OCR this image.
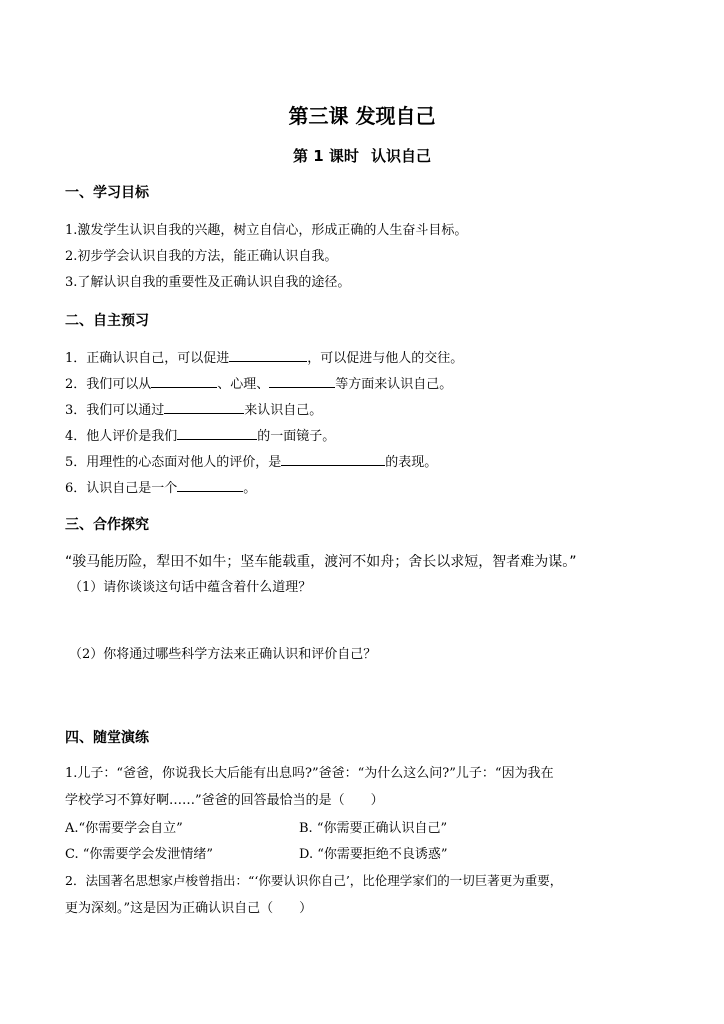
第三课 发现自己
第 1 课时 认识自己
一、学习目标
1.激发学生认识自我的兴趣，树立自信心，形成正确的人生奋斗目标。
2.初步学会认识自我的方法，能正确认识自我。
3.了解认识自我的重要性及正确认识自我的途径。
二、自主预习
1．正确认识自己，可以促进	，可以促进与他人的交往。
2．我们可以从	、心理、	等方面来认识自己。
3．我们可以通过	来认识自己。
4．他人评价是我们	的一面镜子。
5．用理性的心态面对他人的评价，是	的表现。
6．认识自己是一个	。
三、合作探究
“骏马能历险，犁田不如牛；坚车能载重，渡河不如舟；舍长以求短，智者难为谋。”
（1）请你谈谈这句话中蕴含着什么道理？
（2）你将通过哪些科学方法来正确认识和评价自己？
四、随堂演练
1.儿子：“爸爸，你说我长大后能有出息吗?”爸爸：“为什么这么问?”儿子：“因为我在
学校学习不算好啊……”爸爸的回答最恰当的是（　　）
A.“你需要学会自立”	B. “你需要正确认识自己”
C. “你需要学会发泄情绪”	D. “你需要拒绝不良诱惑”
2．法国著名思想家卢梭曾指出：“‘你要认识你自己’，比伦理学家们的一切巨著更为重要，
更为深刻。”这是因为正确认识自己（　　）
